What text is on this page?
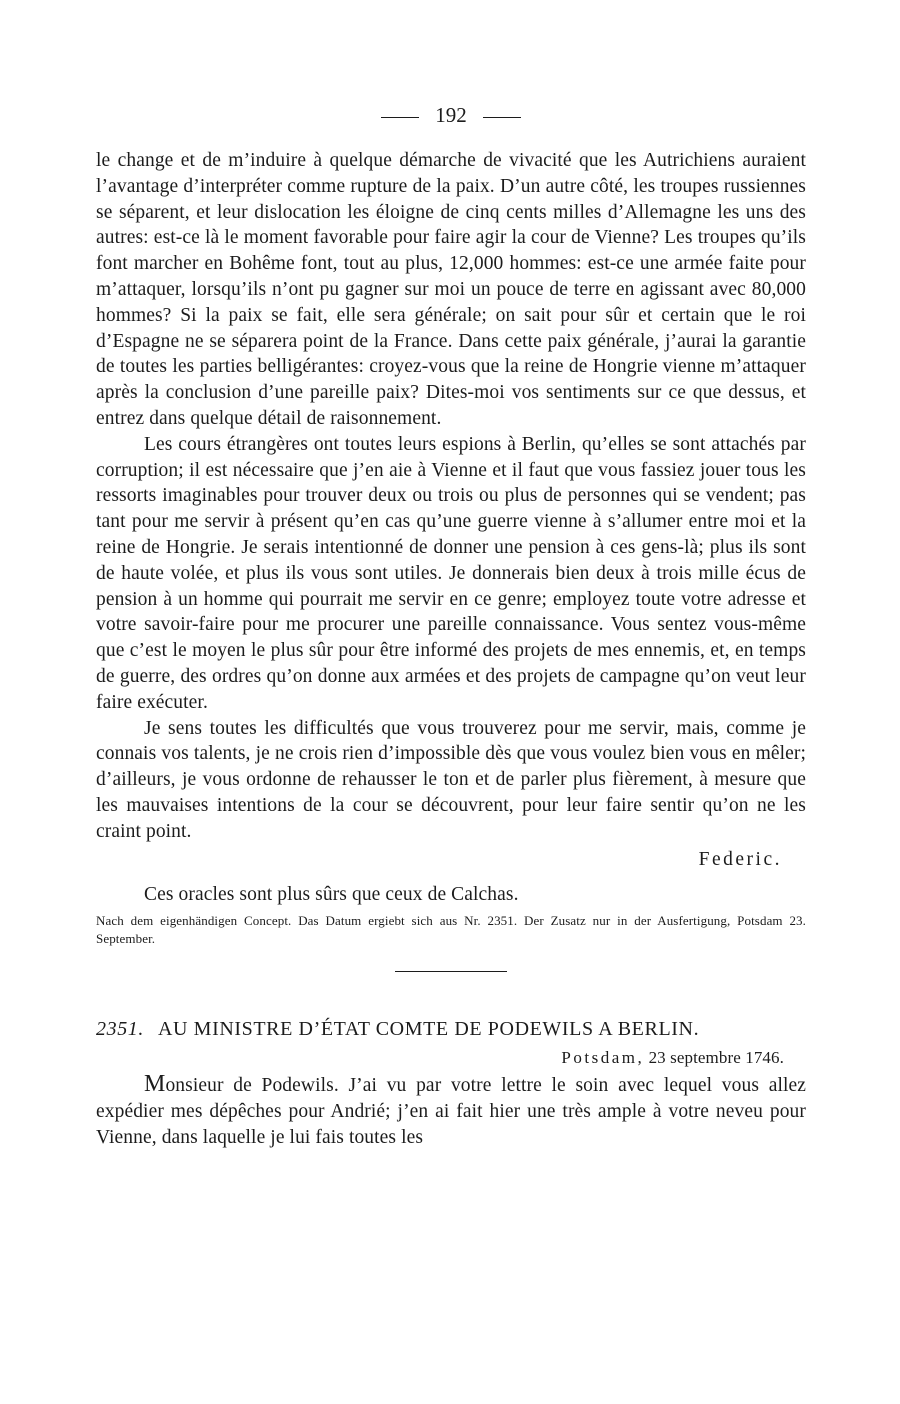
192

le change et de m’induire à quelque démarche de vivacité que les Autrichiens auraient l’avantage d’interpréter comme rupture de la paix. D’un autre côté, les troupes russiennes se séparent, et leur dislocation les éloigne de cinq cents milles d’Allemagne les uns des autres: est-ce là le moment favorable pour faire agir la cour de Vienne? Les troupes qu’ils font marcher en Bohême font, tout au plus, 12,000 hommes: est-ce une armée faite pour m’attaquer, lorsqu’ils n’ont pu gagner sur moi un pouce de terre en agissant avec 80,000 hommes? Si la paix se fait, elle sera générale; on sait pour sûr et certain que le roi d’Espagne ne se séparera point de la France. Dans cette paix générale, j’aurai la garantie de toutes les parties belligérantes: croyez-vous que la reine de Hongrie vienne m’attaquer après la conclusion d’une pareille paix? Dites-moi vos sentiments sur ce que dessus, et entrez dans quelque détail de raisonnement.

Les cours étrangères ont toutes leurs espions à Berlin, qu’elles se sont attachés par corruption; il est nécessaire que j’en aie à Vienne et il faut que vous fassiez jouer tous les ressorts imaginables pour trouver deux ou trois ou plus de personnes qui se vendent; pas tant pour me servir à présent qu’en cas qu’une guerre vienne à s’allumer entre moi et la reine de Hongrie. Je serais intentionné de donner une pension à ces gens-là; plus ils sont de haute volée, et plus ils vous sont utiles. Je donnerais bien deux à trois mille écus de pension à un homme qui pourrait me servir en ce genre; employez toute votre adresse et votre savoir-faire pour me procurer une pareille connaissance. Vous sentez vous-même que c’est le moyen le plus sûr pour être informé des projets de mes ennemis, et, en temps de guerre, des ordres qu’on donne aux armées et des projets de campagne qu’on veut leur faire exécuter.

Je sens toutes les difficultés que vous trouverez pour me servir, mais, comme je connais vos talents, je ne crois rien d’impossible dès que vous voulez bien vous en mêler; d’ailleurs, je vous ordonne de rehausser le ton et de parler plus fièrement, à mesure que les mauvaises intentions de la cour se découvrent, pour leur faire sentir qu’on ne les craint point.

Federic.

Ces oracles sont plus sûrs que ceux de Calchas.

Nach dem eigenhändigen Concept. Das Datum ergiebt sich aus Nr. 2351. Der Zusatz nur in der Ausfertigung, Potsdam 23. September.

2351. AU MINISTRE D’ÉTAT COMTE DE PODEWILS A BERLIN.

Potsdam, 23 septembre 1746.

Monsieur de Podewils. J’ai vu par votre lettre le soin avec lequel vous allez expédier mes dépêches pour Andrié; j’en ai fait hier une très ample à votre neveu pour Vienne, dans laquelle je lui fais toutes les
